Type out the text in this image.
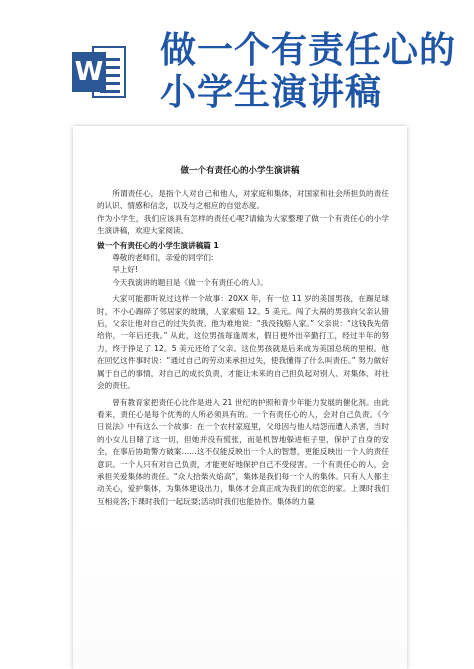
W
做一个有责任心的
小学生演讲稿
做一个有责任心的小学生演讲稿

所谓责任心，是指个人对自己和他人，对家庭和集体，对国家和社会所担负的责任的认识、情感和信念，以及与之相应的自觉态度。

作为小学生，我们应该具有怎样的责任心呢?请输为大家整理了做一个有责任心的小学生演讲稿，欢迎大家阅读。

做一个有责任心的小学生演讲稿篇 1

尊敬的老师们，亲爱的同学们:

早上好!

今天我演讲的题目是《做一个有责任心的人》。

大家可能都听说过这样一个故事：20XX 年，有一位 11 岁的美国男孩，在踢足球时，不小心踢碎了邻居家的玻璃，人家索赔 12。5 美元。闯了大祸的男孩向父亲认错后，父亲让他对自己的过失负责。他为难地说：“我没钱赔人家。” 父亲说：“这钱我先借给你，一年后还我。” 从此，这位男孩每逢周末，假日便外出辛勤打工，经过半年的努力，终于挣足了 12。5 美元还给了父亲。这位男孩就是后来成为美国总统的里根。他在回忆这件事时说：“通过自己的劳动来承担过失，使我懂得了什么叫责任。” 努力做好属于自己的事情，对自己的成长负责，才能让未来的自己担负起对别人、对集体、对社会的责任。

曾有教育家把责任心比作是进入 21 世纪的护照和青少年能力发展的催化剂。由此看来，责任心是每个优秀的人所必须具有的。一个有责任心的人，会对自己负责。《今日说法》中有这么一个故事：在一个农村家庭里，父母因与他人结怨而遭人杀害，当时的小女儿目睹了这一切，但她并没有慌张，而是机智地躲进柜子里，保护了自身的安全，在事后协助警方破案……这不仅能反映出一个人的智慧，更能反映出一个人的责任意识。一个人只有对自己负责，才能更好地保护自己不受侵害。一个有责任心的人，会承担关爱集体的责任。“众人拾柴火焰高”，集体是我们每一个人的集体。只有人人都主动关心，爱护集体，为集体建设出力，集体才会真正成为我们的依恋的家。上课时我们互相竞答;下课时我们一起玩耍;活动时我们也能协作。集体的力量
